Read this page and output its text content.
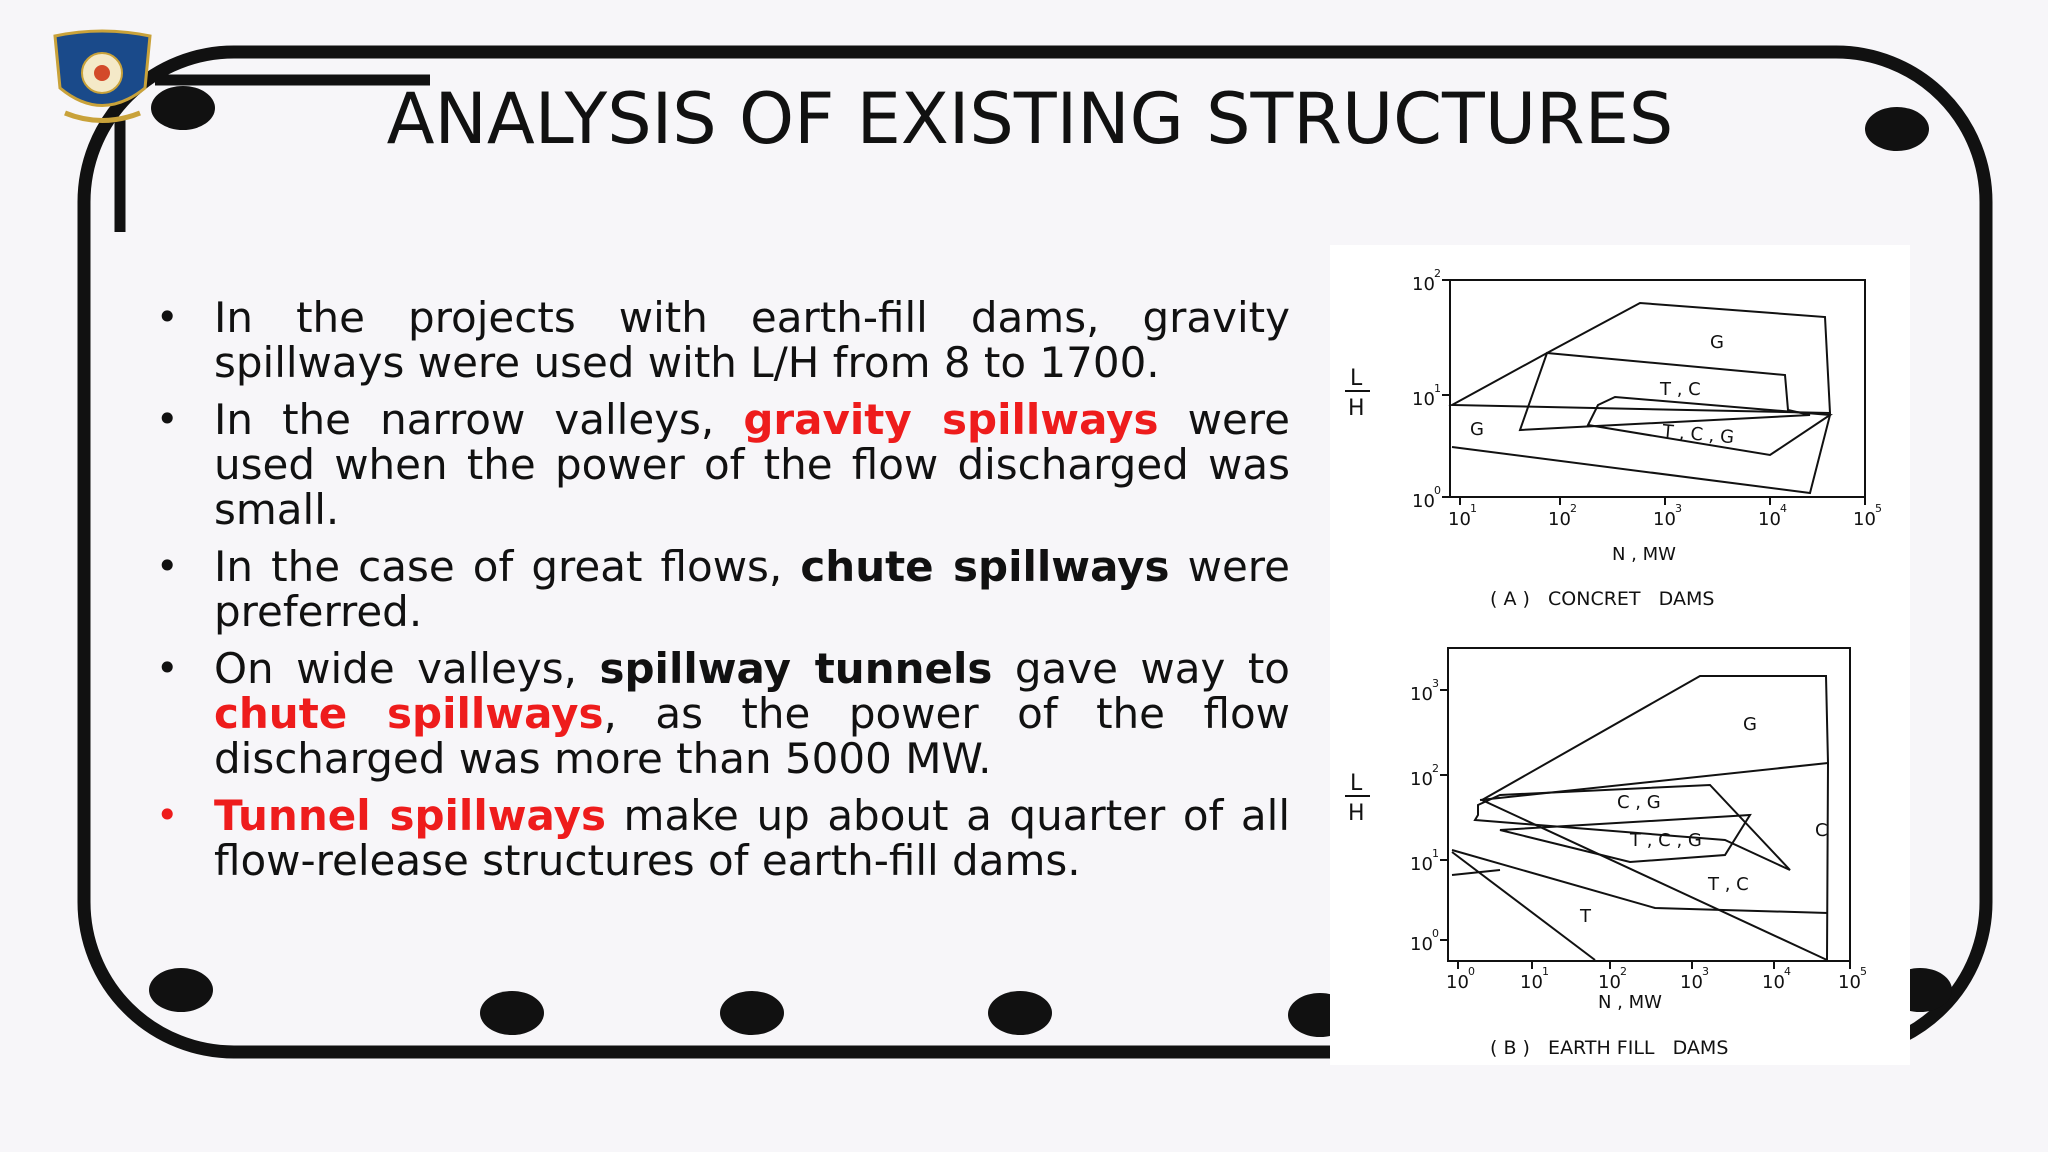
ANALYSIS OF EXISTING STRUCTURES
• In the projects with earth-fill dams, gravity spillways were used with L/H from 8 to 1700.
• In the narrow valleys, gravity spillways were used when the power of the flow discharged was small.
• In the case of great flows, chute spillways were preferred.
• On wide valleys, spillway tunnels gave way to chute spillways, as the power of the flow discharged was more than 5000 MW.
• Tunnel spillways make up about a quarter of all flow-release structures of earth-fill dams.
G
T , C
T , C , G
G
10
2
10
1
10
0
10
1
10
2
10
3
10
4
10
5
L
H
N , MW
( A )   CONCRET   DAMS
G
C , G
T , C , G	C
T , C
T
10
3
10
2
10
1
10
0
10
0
10
1
10
2
10
3
10
4
10
5
L
H
N , MW
( B )   EARTH FILL   DAMS
